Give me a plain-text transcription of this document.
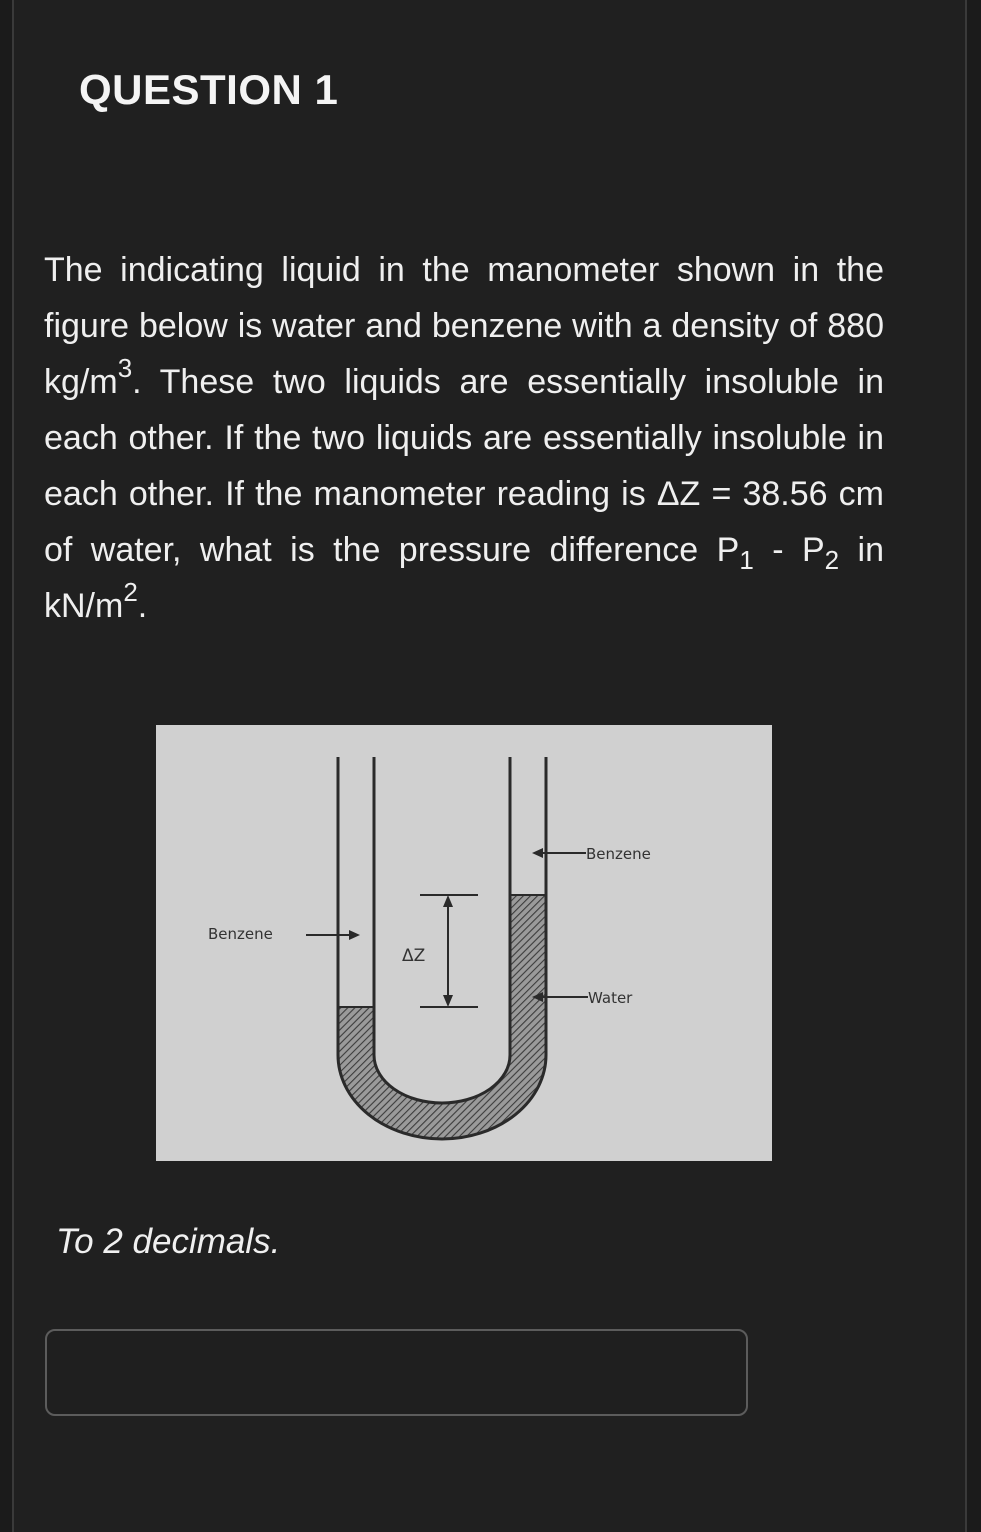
QUESTION 1
The indicating liquid in the manometer shown in the figure below is water and benzene with a density of 880 $kg/m^3$. These two liquids are essentially insoluble in each other. If the two liquids are essentially insoluble in each other. If the manometer reading is ΔZ = 38.56 cm of water, what is the pressure difference $P_1 - P_2$ in $kN/m^2$.
ΔZ
Benzene
Benzene
Water
To 2 decimals.
